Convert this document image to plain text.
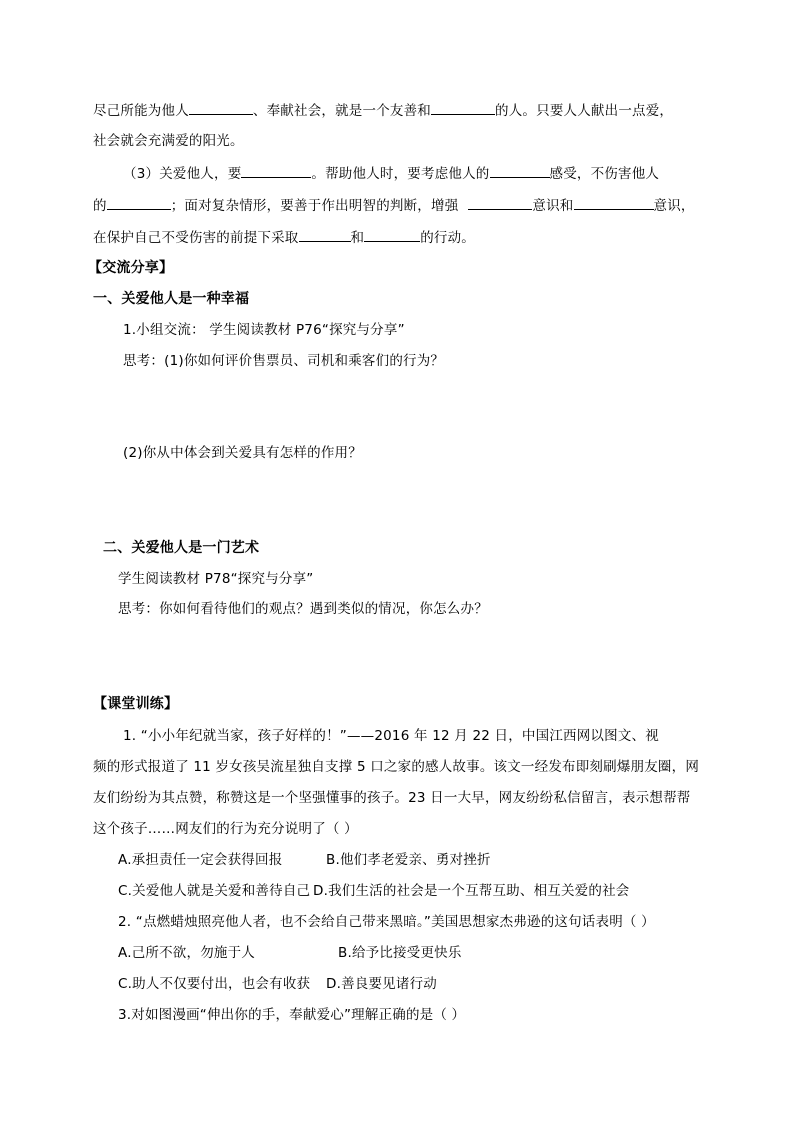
尽己所能为他人	、奉献社会，就是一个友善和	的人。只要人人献出一点爱，
社会就会充满爱的阳光。
（3）关爱他人，要	。帮助他人时，要考虑他人的	感受，不伤害他人
的	；面对复杂情形，要善于作出明智的判断，增强	意识和	意识，
在保护自己不受伤害的前提下采取	和	的行动。
【交流分享】
一、关爱他人是一种幸福
1.小组交流： 学生阅读教材 P76“探究与分享”
思考：(1)你如何评价售票员、司机和乘客们的行为？
(2)你从中体会到关爱具有怎样的作用？
二、关爱他人是一门艺术
学生阅读教材 P78“探究与分享”
思考：你如何看待他们的观点？遇到类似的情况，你怎么办？
【课堂训练】
1. “小小年纪就当家，孩子好样的！”——2016 年 12 月 22 日，中国江西网以图文、视
频的形式报道了 11 岁女孩吴流星独自支撑 5 口之家的感人故事。该文一经发布即刻刷爆朋友圈，网
友们纷纷为其点赞，称赞这是一个坚强懂事的孩子。23 日一大早，网友纷纷私信留言，表示想帮帮
这个孩子……网友们的行为充分说明了（ ）
A.承担责任一定会获得回报	B.他们孝老爱亲、勇对挫折
C.关爱他人就是关爱和善待自己 D.我们生活的社会是一个互帮互助、相互关爱的社会
2. “点燃蜡烛照亮他人者，也不会给自己带来黑暗。”美国思想家杰弗逊的这句话表明（ ）
A.己所不欲，勿施于人	B.给予比接受更快乐
C.助人不仅要付出，也会有收获 D.善良要见诸行动
3.对如图漫画“伸出你的手，奉献爱心”理解正确的是（ ）
